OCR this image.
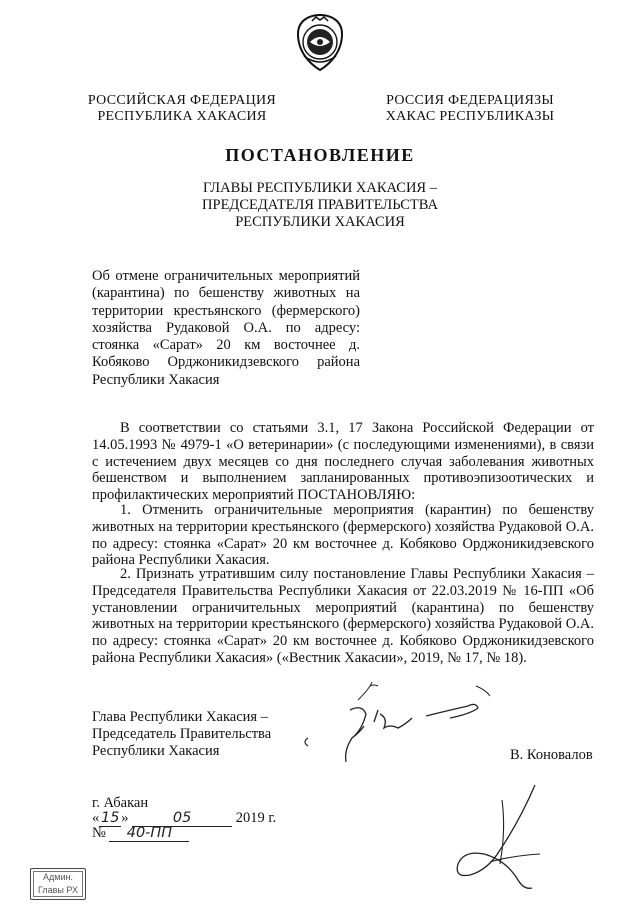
РОССИЙСКАЯ ФЕДЕРАЦИЯ
РЕСПУБЛИКА ХАКАСИЯ
РОССИЯ ФЕДЕРАЦИЯЗЫ
ХАКАС РЕСПУБЛИКАЗЫ
ПОСТАНОВЛЕНИЕ
ГЛАВЫ РЕСПУБЛИКИ ХАКАСИЯ –
ПРЕДСЕДАТЕЛЯ ПРАВИТЕЛЬСТВА
РЕСПУБЛИКИ ХАКАСИЯ
Об отмене ограничительных мероприятий (карантина) по бешенству животных на территории крестьянского (фермерского) хозяйства Рудаковой О.А. по адресу: стоянка «Сарат» 20 км восточнее д. Кобяково Орджоникидзевского района Республики Хакасия
В соответствии со статьями 3.1, 17 Закона Российской Федерации от 14.05.1993 № 4979-1 «О ветеринарии» (с последующими изменениями), в связи с истечением двух месяцев со дня последнего случая заболевания животных бешенством и выполнением запланированных противоэпизоотических и профилактических мероприятий ПОСТАНОВЛЯЮ:
1. Отменить ограничительные мероприятия (карантин) по бешенству животных на территории крестьянского (фермерского) хозяйства Рудаковой О.А. по адресу: стоянка «Сарат» 20 км восточнее д. Кобяково Орджоникидзевского района Республики Хакасия.
2. Признать утратившим силу постановление Главы Республики Хакасия – Председателя Правительства Республики Хакасия от 22.03.2019 № 16-ПП «Об установлении ограничительных мероприятий (карантина) по бешенству животных на территории крестьянского (фермерского) хозяйства Рудаковой О.А. по адресу: стоянка «Сарат» 20 км восточнее д. Кобяково Орджоникидзевского района Республики Хакасия» («Вестник Хакасии», 2019, № 17, № 18).
Глава Республики Хакасия –
Председатель Правительства
Республики Хакасия	В. Коновалов
г. Абакан
« 15 »	05	2019 г.
№ 40-ПП
Админ.
Главы РХ
